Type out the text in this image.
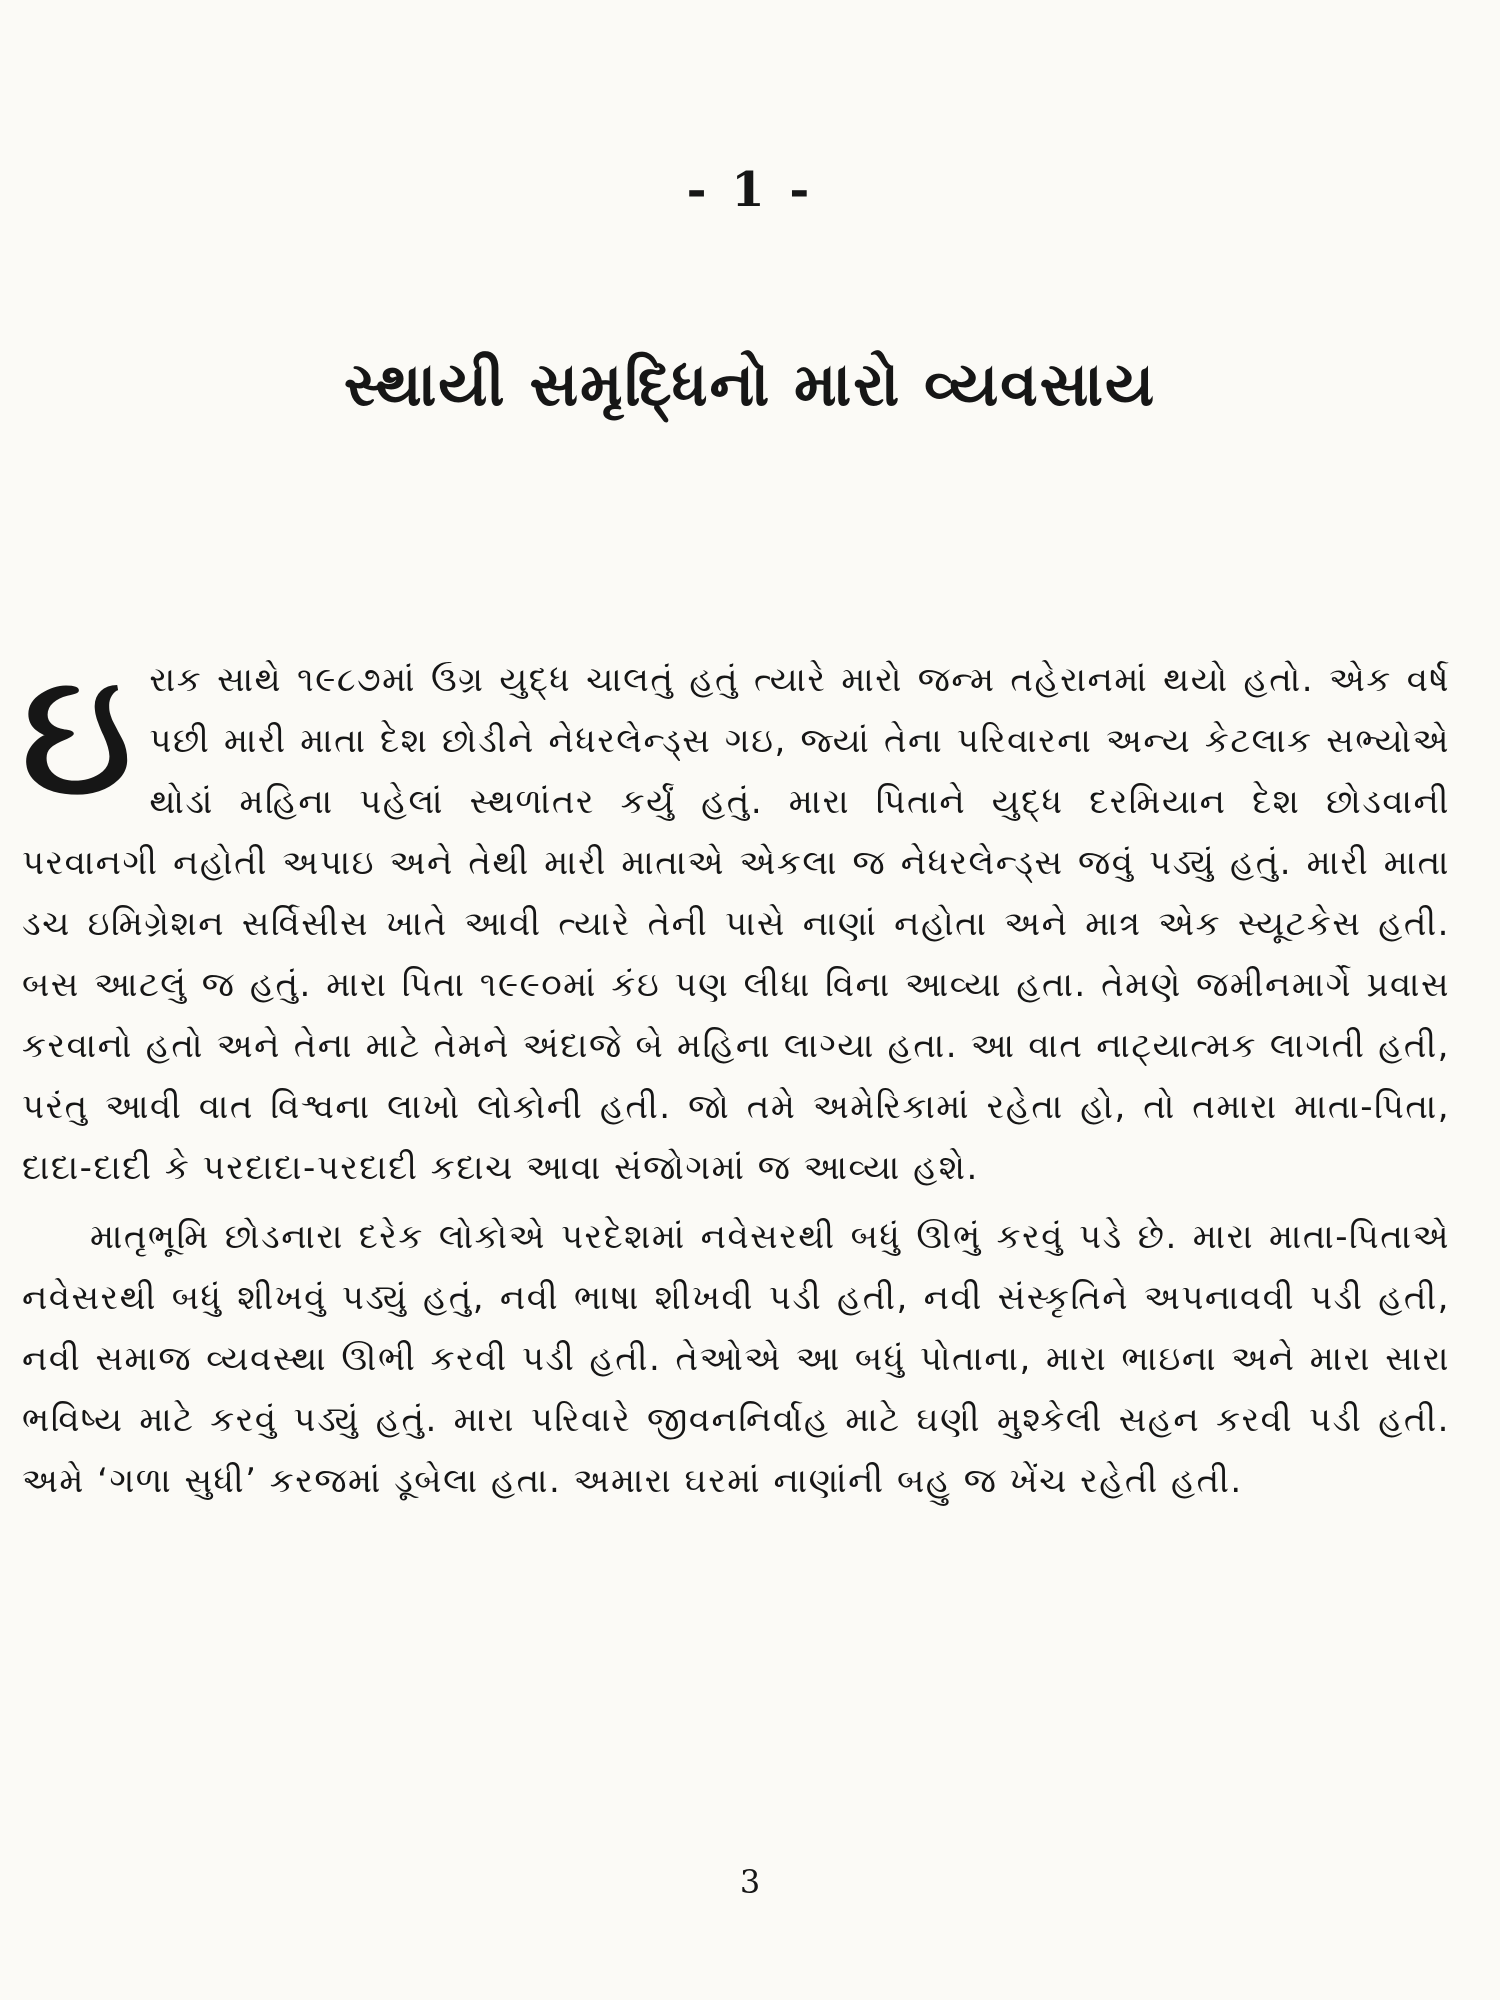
- 1 -
સ્થાયી સમૃદ્ધિનો મારો વ્યવસાય

ઇ રાક સાથે ૧૯૮૭માં ઉગ્ર યુદ્ધ ચાલતું હતું ત્યારે મારો જન્મ તહેરાનમાં થયો હતો. એક વર્ષ પછી મારી માતા દેશ છોડીને નેધરલેન્ડ્સ ગઇ, જ્યાં તેના પરિવારના અન્ય કેટલાક સભ્યોએ થોડાં મહિના પહેલાં સ્થળાંતર કર્યું હતું. મારા પિતાને યુદ્ધ દરમિયાન દેશ છોડવાની પરવાનગી નહોતી અપાઇ અને તેથી મારી માતાએ એકલા જ નેધરલેન્ડ્સ જવું પડ્યું હતું. મારી માતા ડચ ઇમિગ્રેશન સર્વિસીસ ખાતે આવી ત્યારે તેની પાસે નાણાં નહોતા અને માત્ર એક સ્યૂટકેસ હતી. બસ આટલું જ હતું. મારા પિતા ૧૯૯૦માં કંઇ પણ લીધા વિના આવ્યા હતા. તેમણે જમીનમાર્ગે પ્રવાસ કરવાનો હતો અને તેના માટે તેમને અંદાજે બે મહિના લાગ્યા હતા. આ વાત નાટ્યાત્મક લાગતી હતી, પરંતુ આવી વાત વિશ્વના લાખો લોકોની હતી. જો તમે અમેરિકામાં રહેતા હો, તો તમારા માતા-પિતા, દાદા-દાદી કે પરદાદા-પરદાદી કદાચ આવા સંજોગમાં જ આવ્યા હશે.

માતૃભૂમિ છોડનારા દરેક લોકોએ પરદેશમાં નવેસરથી બધું ઊભું કરવું પડે છે. મારા માતા-પિતાએ નવેસરથી બધું શીખવું પડ્યું હતું, નવી ભાષા શીખવી પડી હતી, નવી સંસ્કૃતિને અપનાવવી પડી હતી, નવી સમાજ વ્યવસ્થા ઊભી કરવી પડી હતી. તેઓએ આ બધું પોતાના, મારા ભાઇના અને મારા સારા ભવિષ્ય માટે કરવું પડ્યું હતું. મારા પરિવારે જીવનનિર્વાહ માટે ઘણી મુશ્કેલી સહન કરવી પડી હતી. અમે ‘ગળા સુધી’ કરજમાં ડૂબેલા હતા. અમારા ઘરમાં નાણાંની બહુ જ ખેંચ રહેતી હતી.

3
